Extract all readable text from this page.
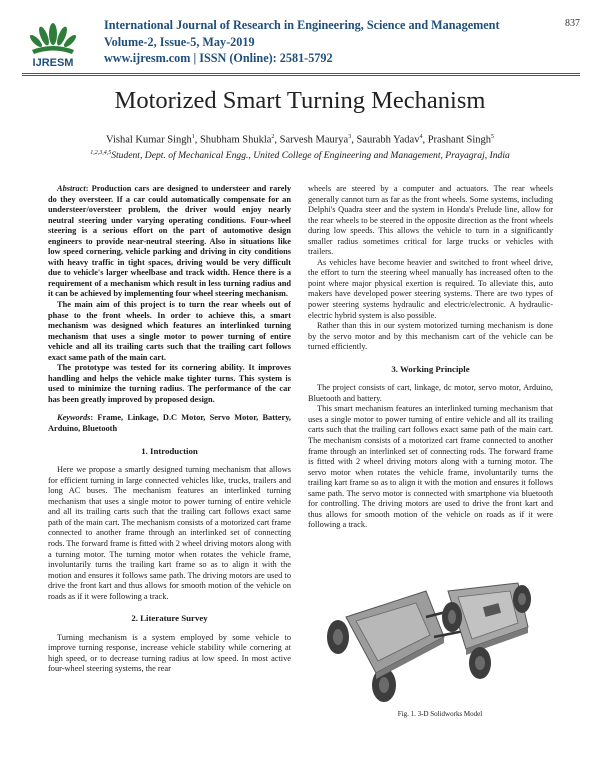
IJRESM
International Journal of Research in Engineering, Science and Management
Volume-2, Issue-5, May-2019
www.ijresm.com | ISSN (Online): 2581-5792
837
Motorized Smart Turning Mechanism
Vishal Kumar Singh$^1$, Shubham Shukla$^2$, Sarvesh Maurya$^3$, Saurabh Yadav$^4$, Prashant Singh$^5$
$^{1,2,3,4,5}$Student, Dept. of Mechanical Engg., United College of Engineering and Management, Prayagraj, India

Abstract: Production cars are designed to understeer and rarely do they oversteer. If a car could automatically compensate for an understeer/oversteer problem, the driver would enjoy nearly neutral steering under varying operating conditions. Four-wheel steering is a serious effort on the part of automotive design engineers to provide near-neutral steering. Also in situations like low speed cornering, vehicle parking and driving in city conditions with heavy traffic in tight spaces, driving would be very difficult due to vehicle's larger wheelbase and track width. Hence there is a requirement of a mechanism which result in less turning radius and it can be achieved by implementing four wheel steering mechanism.

The main aim of this project is to turn the rear wheels out of phase to the front wheels. In order to achieve this, a smart mechanism was designed which features an interlinked turning mechanism that uses a single motor to power turning of entire vehicle and all its trailing carts such that the trailing cart follows exact same path of the main cart.

The prototype was tested for its cornering ability. It improves handling and helps the vehicle make tighter turns. This system is used to minimize the turning radius. The performance of the car has been greatly improved by proposed design.

Keywords: Frame, Linkage, D.C Motor, Servo Motor, Battery, Arduino, Bluetooth

1. Introduction

Here we propose a smartly designed turning mechanism that allows for efficient turning in large connected vehicles like, trucks, trailers and long AC buses. The mechanism features an interlinked turning mechanism that uses a single motor to power turning of entire vehicle and all its trailing carts such that the trailing cart follows exact same path of the main cart. The mechanism consists of a motorized cart frame connected to another frame through an interlinked set of connecting rods. The forward frame is fitted with 2 wheel driving motors along with a turning motor. The turning motor when rotates the vehicle frame, involuntarily turns the trailing kart frame so as to align it with the motion and ensures it follows same path. The driving motors are used to drive the front kart and thus allows for smooth motion of the vehicle on roads as if it were following a track.

2. Literature Survey

Turning mechanism is a system employed by some vehicle to improve turning response, increase vehicle stability while cornering at high speed, or to decrease turning radius at low speed. In most active four-wheel steering systems, the rear

wheels are steered by a computer and actuators. The rear wheels generally cannot turn as far as the front wheels. Some systems, including Delphi's Quadra steer and the system in Honda's Prelude line, allow for the rear wheels to be steered in the opposite direction as the front wheels during low speeds. This allows the vehicle to turn in a significantly smaller radius sometimes critical for large trucks or vehicles with trailers.

As vehicles have become heavier and switched to front wheel drive, the effort to turn the steering wheel manually has increased often to the point where major physical exertion is required. To alleviate this, auto makers have developed power steering systems. There are two types of power steering systems hydraulic and electric/electronic. A hydraulic-electric hybrid system is also possible.

Rather than this in our system motorized turning mechanism is done by the servo motor and by this mechanism cart of the vehicle can be turned efficiently.

3. Working Principle

The project consists of cart, linkage, dc motor, servo motor, Arduino, Bluetooth and battery.

This smart mechanism features an interlinked turning mechanism that uses a single motor to power turning of entire vehicle and all its trailing carts such that the trailing cart follows exact same path of the main cart. The mechanism consists of a motorized cart frame connected to another frame through an interlinked set of connecting rods. The forward frame is fitted with 2 wheel driving motors along with a turning motor. The servo motor when rotates the vehicle frame, involuntarily turns the trailing kart frame so as to align it with the motion and ensures it follows same path. The servo motor is connected with smartphone via bluetooth for controlling. The driving motors are used to drive the front kart and thus allows for smooth motion of the vehicle on roads as if it were following a track.

Fig. 1. 3-D Solidworks Model
